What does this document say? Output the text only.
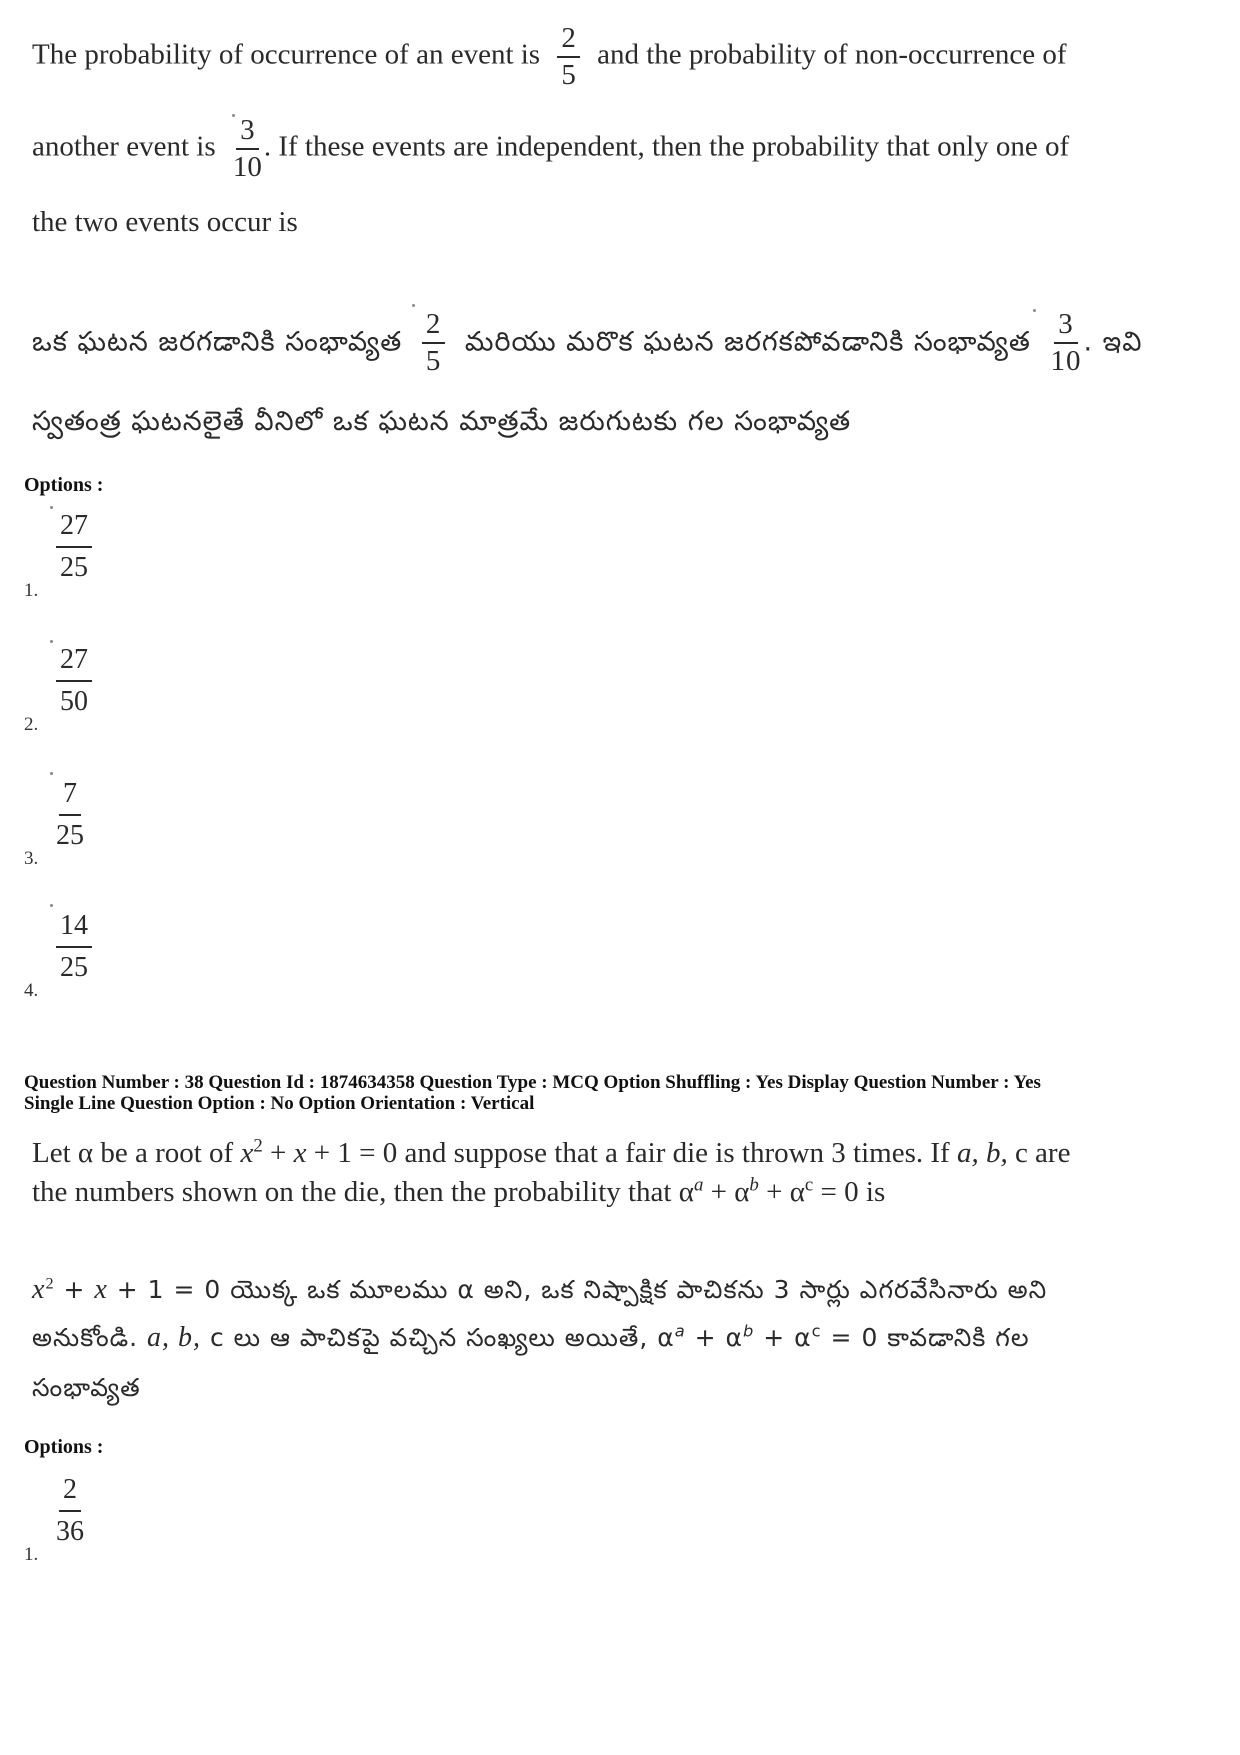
The probability of occurrence of an event is $\frac{2}{5}$ and the probability of non-occurrence of
another event is $\frac{3}{10}$ . If these events are independent, then the probability that only one of
the two events occur is
ఒక ఘటన జరగడానికి సంభావ్యత $\frac{2}{5}$ మరియు మరొక ఘటన జరగకపోవడానికి సంభావ్యత $\frac{3}{10}$ . ఇవి
స్వతంత్ర ఘటనలైతే వీనిలో ఒక ఘటన మాత్రమే జరుగుటకు గల సంభావ్యత
Options :
1.
$\frac{27}{25}$
2.
$\frac{27}{50}$
3.
$\frac{7}{25}$
4.
$\frac{14}{25}$
Question Number : 38 Question Id : 1874634358 Question Type : MCQ Option Shuffling : Yes Display Question Number : Yes
Single Line Question Option : No Option Orientation : Vertical
Let α be a root of $x^2 + x + 1 = 0$ and suppose that a fair die is thrown 3 times. If a, b, c are
the numbers shown on the die, then the probability that $\alpha^a + \alpha^b + \alpha^c = 0$ is
$x^2 + x + 1 = 0$ యొక్క ఒక మూలము α అని, ఒక నిష్పాక్షిక పాచికను 3 సార్లు ఎగరవేసినారు అని
అనుకోండి. a, b, c లు ఆ పాచికపై వచ్చిన సంఖ్యలు అయితే, $\alpha^a + \alpha^b + \alpha^c = 0$ కావడానికి గల
సంభావ్యత
Options :
1.
$\frac{2}{36}$
